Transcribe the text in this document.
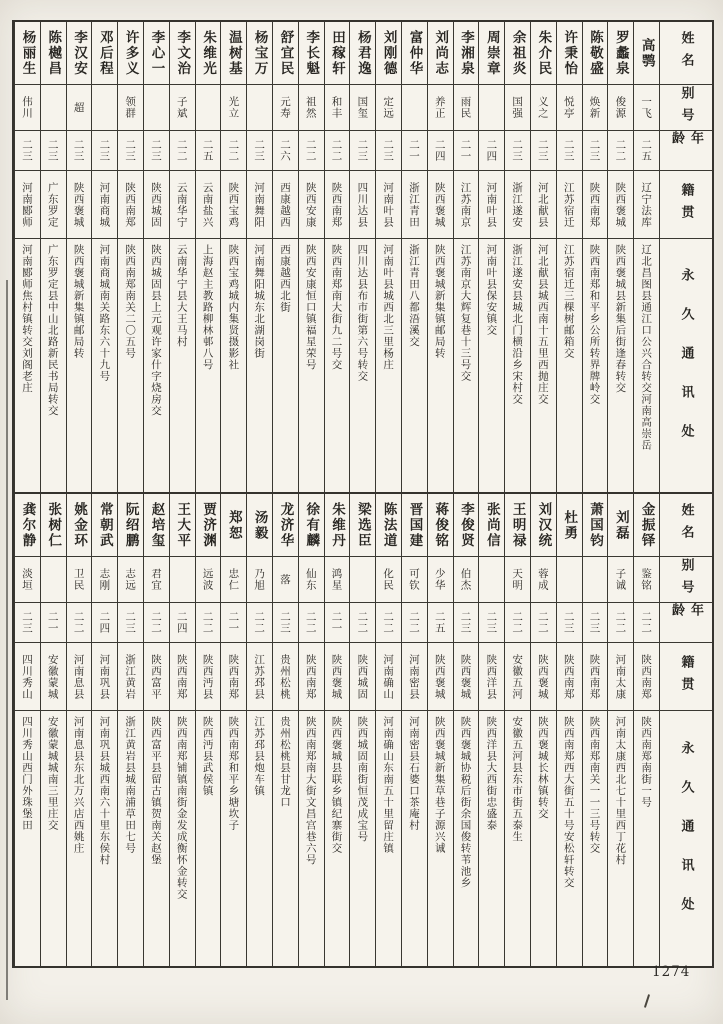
姓名
别号
年龄
籍贯
永久通讯处
高鹗
一飞
二五
辽宁法库
辽北昌图县通江口公兴合转交河南高崇岳
罗蠡泉
俊源
二二
陕西褒城
陕西褒城县新集后街逢春转交
陈敬盛
焕新
二三
陕西南郑
陕西南郑和平乡公所转界牌岭交
许秉怡
悦亭
二三
江苏宿迁
江苏宿迁三棵树邮箱交
朱介民
义之
二三
河北献县
河北献县城西南十五里西抛庄交
余祖炎
国强
二三
浙江遂安
浙江遂安县城北门横沿乡宋村交
周崇章
二四
河南叶县
河南叶县保安镇交
李湘泉
雨民
二一
江苏南京
江苏南京大辉复巷十三号交
刘尚志
养正
二四
陕西褒城
陕西褒城新集镇邮局转
富仲华
二一
浙江青田
浙江青田八都浯溪交
刘刚德
定远
二三
河南叶县
河南叶县城西北三里杨庄
杨君逸
国玺
二三
四川达县
四川达县布市街第六号转交
田稼轩
和丰
二二
陕西南郑
陕西南郑南大街九二号交
李长魁
祖然
二二
陕西安康
陕西安康恒口镇福星荣号
舒宜民
元寿
二六
西康越西
西康越西北街
杨宝万
二三
河南舞阳
河南舞阳城东北湖岗街
温树基
光立
二二
陕西宝鸡
陕西宝鸡城内集贤摄影社
朱维光
二五
云南盐兴
上海赵主教路柳林邨八号
李文治
子斌
二二
云南华宁
云南华宁县大王马村
李心一
二三
陕西城固
陕西城固县上元观许家什字烧房交
许多义
领群
二三
陕西南郑
陕西南郑南关二〇五号
邓后程
二三
河南商城
河南商城南关路东六十九号
李汉安
超
二三
陕西褒城
陕西褒城新集镇邮局转
陈樾昌
二三
广东罗定
广东罗定县中山北路新民书局转交
杨丽生
伟川
二三
河南郾师
河南郾师焦村镇转交刘阁老庄
姓名
别号
年龄
籍贯
永久通讯处
金振铎
鉴铭
二二
陕西南郑
陕西南郑南街一号
刘磊
子诚
二二
河南太康
河南太康西北七十里西丁花村
萧国钧
二三
陕西南郑
陕西南郑南关一一三号转交
杜勇
二三
陕西南郑
陕西南郑西大街五十号安松轩转交
刘汉统
蓉成
二二
陕西褒城
陕西褒城长林镇转交
王明禄
天明
二二
安徽五河
安徽五河县东市街五泰生
张尚信
二三
陕西洋县
陕西洋县大西街忠盛泰
李俊贤
伯杰
二三
陕西褒城
陕西褒城协税后街余国俊转苇池乡
蒋俊铭
少华
二五
陕西褒城
陕西褒城新集草巷子源兴诚
晋国建
可钦
二二
河南密县
河南密县石婆口茶庵村
陈法道
化民
二二
河南确山
河南确山东南五十里留庄镇
梁选臣
二二
陕西城固
陕西城固南街恒茂成宝号
朱维丹
鸿星
二一
陕西褒城
陕西褒城县联乡镇纪寨街交
徐有麟
仙东
二二
陕西南郑
陕西南郑南大街文昌宫巷六号
龙济华
落
二三
贵州松桃
贵州松桃县甘龙口
汤毅
乃旭
二二
江苏邳县
江苏邳县炮车镇
郑恕
忠仁
二一
陕西南郑
陕西南郑和平乡塘坎子
贾济渊
远波
二二
陕西沔县
陕西沔县武侯镇
王大平
二四
陕西南郑
陕西南郑铺镇南街金发成衡怀金转交
赵培玺
君宜
二二
陕西富平
陕西富平县留古镇贺南关赵堡
阮绍鹏
志远
二三
浙江黄岩
浙江黄岩县城南浦草田七号
常朝武
志刚
二四
河南巩县
河南巩县城西南六十里东侯村
姚金环
卫民
二二
河南息县
河南息县东北万兴店西姚庄
张树仁
二一
安徽蒙城
安徽蒙城城南三里庄交
龚尔静
淡垣
二三
四川秀山
四川秀山西门外珠堡田
1274
